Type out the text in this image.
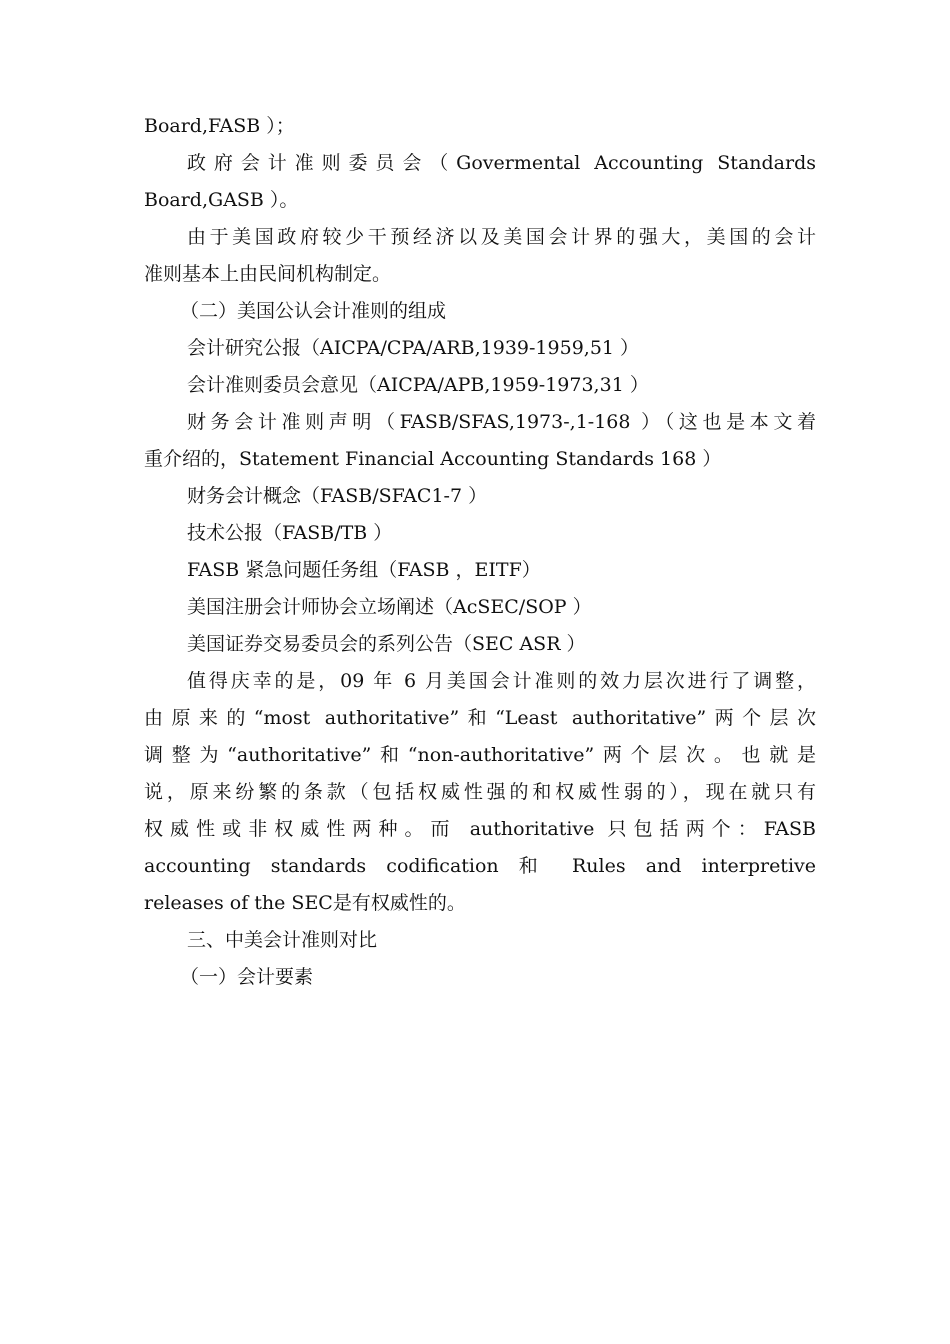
Board,FASB ）；
政府会计准则委员会（Govermental Accounting Standards
Board,GASB ）。
由于美国政府较少干预经济以及美国会计界的强大，美国的会计
准则基本上由民间机构制定。
（二）美国公认会计准则的组成
会计研究公报（AICPA/CPA/ARB,1939-1959,51 ）
会计准则委员会意见（AICPA/APB,1959-1973,31 ）
财务会计准则声明（FASB/SFAS,1973-,1-168 ）（这也是本文着
重介绍的，Statement Financial Accounting Standards 168 ）
财务会计概念（FASB/SFAC1-7 ）
技术公报（FASB/TB ）
FASB 紧急问题任务组（FASB ，EITF）
美国注册会计师协会立场阐述（AcSEC/SOP ）
美国证券交易委员会的系列公告（SEC ASR ）
值得庆幸的是，09 年 6 月美国会计准则的效力层次进行了调整，
由原来的“most authoritative”和“Least authoritative”两个层次
调整为“authoritative”和“non-authoritative”两个层次。也就是
说，原来纷繁的条款（包括权威性强的和权威性弱的），现在就只有
权威性或非权威性两种。而 authoritative 只包括两个：FASB
accounting standards codification 和 Rules and interpretive
releases of the SEC是有权威性的。
三、中美会计准则对比
（一）会计要素
